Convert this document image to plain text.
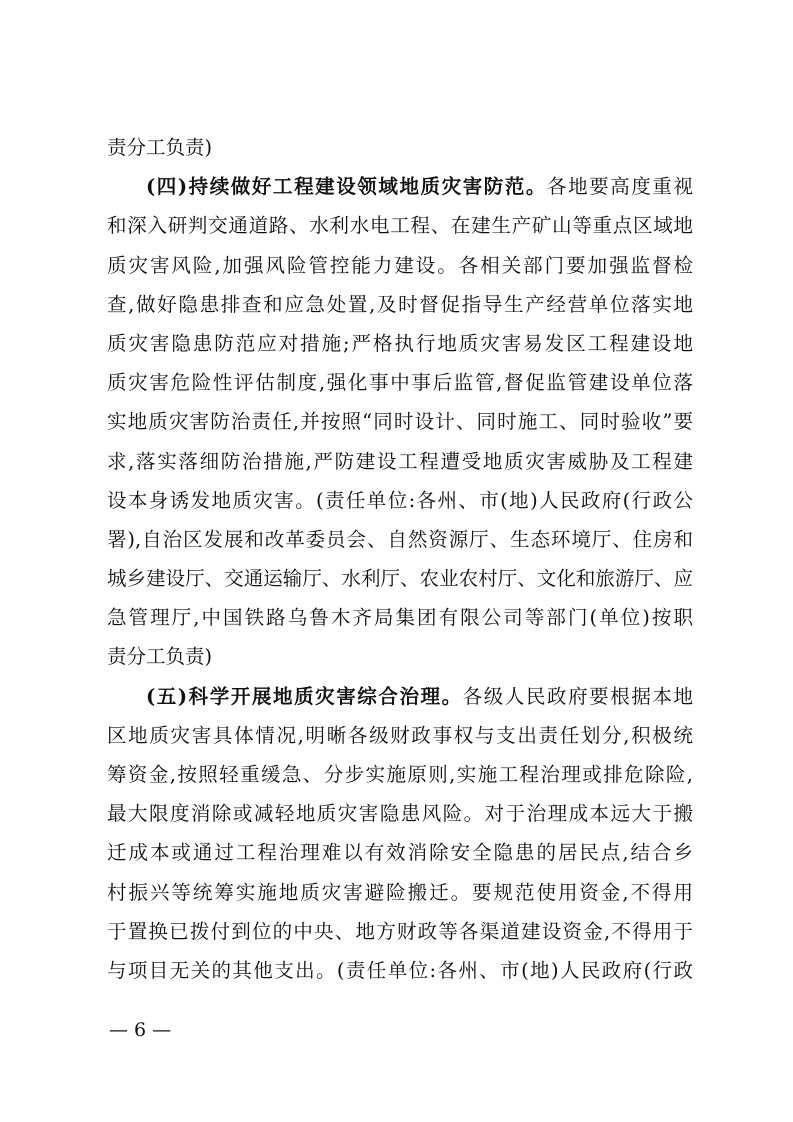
责分工负责)
(四)持续做好工程建设领域地质灾害防范。各地要高度重视
和深入研判交通道路、水利水电工程、在建生产矿山等重点区域地
质灾害风险,加强风险管控能力建设。各相关部门要加强监督检
查,做好隐患排查和应急处置,及时督促指导生产经营单位落实地
质灾害隐患防范应对措施;严格执行地质灾害易发区工程建设地
质灾害危险性评估制度,强化事中事后监管,督促监管建设单位落
实地质灾害防治责任,并按照“同时设计、同时施工、同时验收”要
求,落实落细防治措施,严防建设工程遭受地质灾害威胁及工程建
设本身诱发地质灾害。(责任单位:各州、市(地)人民政府(行政公
署),自治区发展和改革委员会、自然资源厅、生态环境厅、住房和
城乡建设厅、交通运输厅、水利厅、农业农村厅、文化和旅游厅、应
急管理厅,中国铁路乌鲁木齐局集团有限公司等部门(单位)按职
责分工负责)
(五)科学开展地质灾害综合治理。各级人民政府要根据本地
区地质灾害具体情况,明晰各级财政事权与支出责任划分,积极统
筹资金,按照轻重缓急、分步实施原则,实施工程治理或排危除险,
最大限度消除或减轻地质灾害隐患风险。对于治理成本远大于搬
迁成本或通过工程治理难以有效消除安全隐患的居民点,结合乡
村振兴等统筹实施地质灾害避险搬迁。要规范使用资金,不得用
于置换已拨付到位的中央、地方财政等各渠道建设资金,不得用于
与项目无关的其他支出。(责任单位:各州、市(地)人民政府(行政
— 6 —
